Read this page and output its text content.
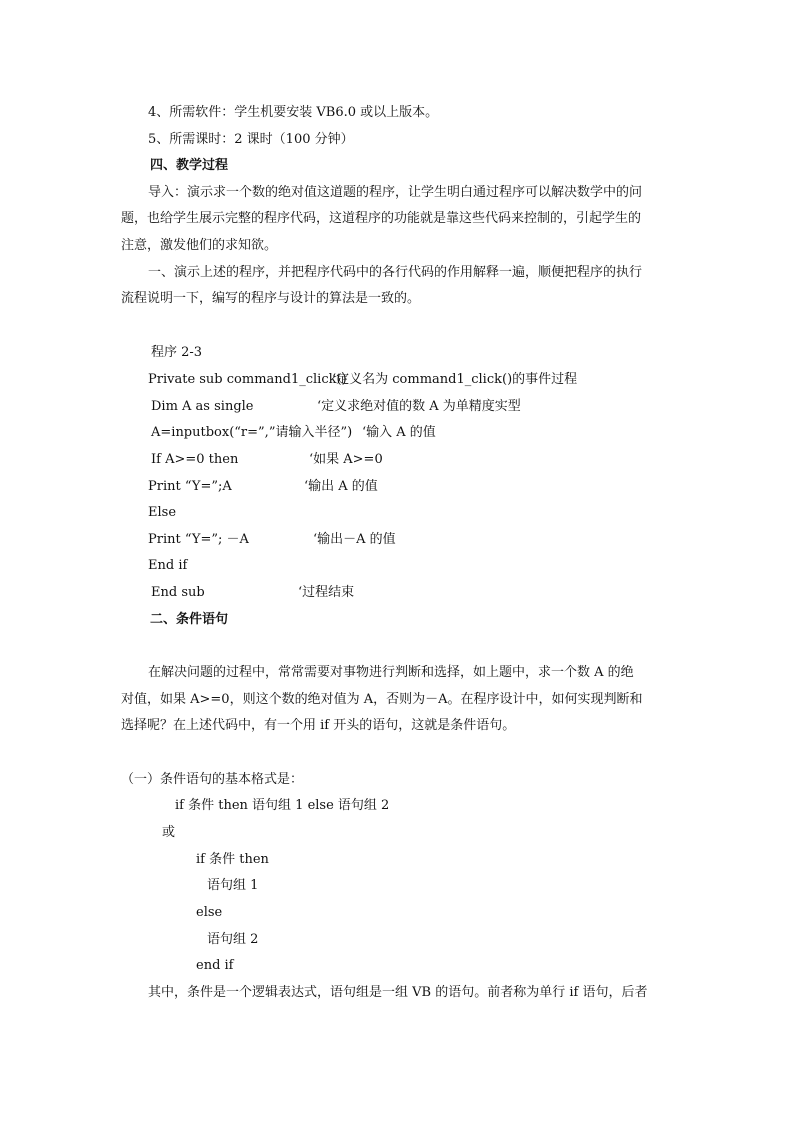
4、所需软件：学生机要安装 VB6.0 或以上版本。
5、所需课时：2 课时（100 分钟）
四、教学过程
导入：演示求一个数的绝对值这道题的程序，让学生明白通过程序可以解决数学中的问
题，也给学生展示完整的程序代码，这道程序的功能就是靠这些代码来控制的，引起学生的
注意，激发他们的求知欲。
一、演示上述的程序，并把程序代码中的各行代码的作用解释一遍，顺便把程序的执行
流程说明一下，编写的程序与设计的算法是一致的。
程序 2-3
Private sub command1_click()
‘定义名为 command1_click()的事件过程
Dim A as single	‘定义求绝对值的数 A 为单精度实型
A=inputbox(“r=”,”请输入半径”) ‘输入 A 的值
If A>=0 then	‘如果 A>=0
Print “Y=”;A	‘输出 A 的值
Else
Print “Y=”; －A	‘输出－A 的值
End if
End sub	‘过程结束
二、条件语句
在解决问题的过程中，常常需要对事物进行判断和选择，如上题中，求一个数 A 的绝
对值，如果 A>=0，则这个数的绝对值为 A，否则为－A。在程序设计中，如何实现判断和
选择呢？在上述代码中，有一个用 if 开头的语句，这就是条件语句。
（一）条件语句的基本格式是：
if 条件 then 语句组 1 else 语句组 2
或
if 条件 then
语句组 1
else
语句组 2
end if
其中，条件是一个逻辑表达式，语句组是一组 VB 的语句。前者称为单行 if 语句，后者
